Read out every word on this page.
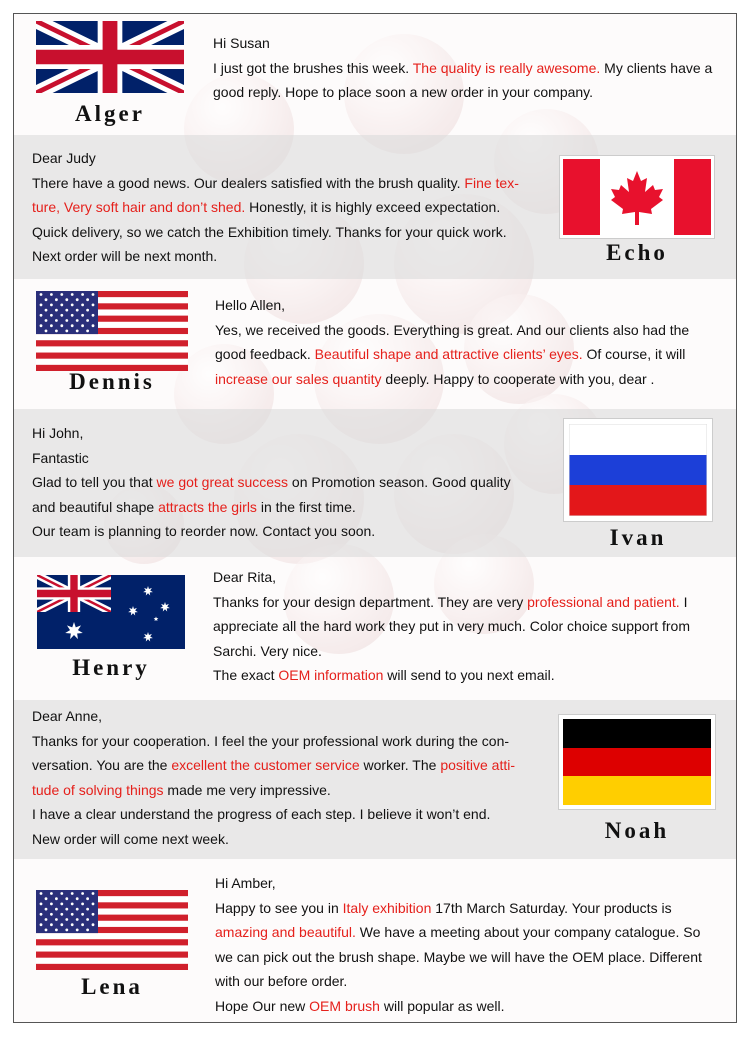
Alger

Hi Susan

I just got the brushes this week. The quality is really awesome. My clients have a

good reply. Hope to place soon a new order in your company.

Echo

Dear Judy

There have a good news. Our dealers satisfied with the brush quality. Fine tex-

ture, Very soft hair and don’t shed. Honestly, it is highly exceed expectation.

Quick delivery, so we catch the Exhibition timely. Thanks for your quick work.

Next order will be next month.

Dennis

Hello Allen,

Yes, we received the goods. Everything is great. And our clients also had the

good feedback. Beautiful shape and attractive clients’ eyes. Of course, it will

increase our sales quantity deeply. Happy to cooperate with you, dear .

Ivan

Hi John,

Fantastic

Glad to tell you that we got great success on Promotion season. Good quality

and beautiful shape attracts the girls in the first time.

Our team is planning to reorder now. Contact you soon.

Henry

Dear Rita,

Thanks for your design department. They are very professional and patient. I

appreciate all the hard work they put in very much. Color choice support from

Sarchi. Very nice.

The exact OEM information will send to you next email.

Noah

Dear Anne,

Thanks for your cooperation. I feel the your professional work during the con-

versation. You are the excellent the customer service worker. The positive atti-

tude of solving things made me very impressive.

I have a clear understand the progress of each step. I believe it won’t end.

New order will come next week.

Lena

Hi Amber,

Happy to see you in Italy exhibition 17th March Saturday. Your products is

amazing and beautiful. We have a meeting about your company catalogue. So

we can pick out the brush shape. Maybe we will have the OEM place. Different

with our before order.

Hope Our new OEM brush will popular as well.
